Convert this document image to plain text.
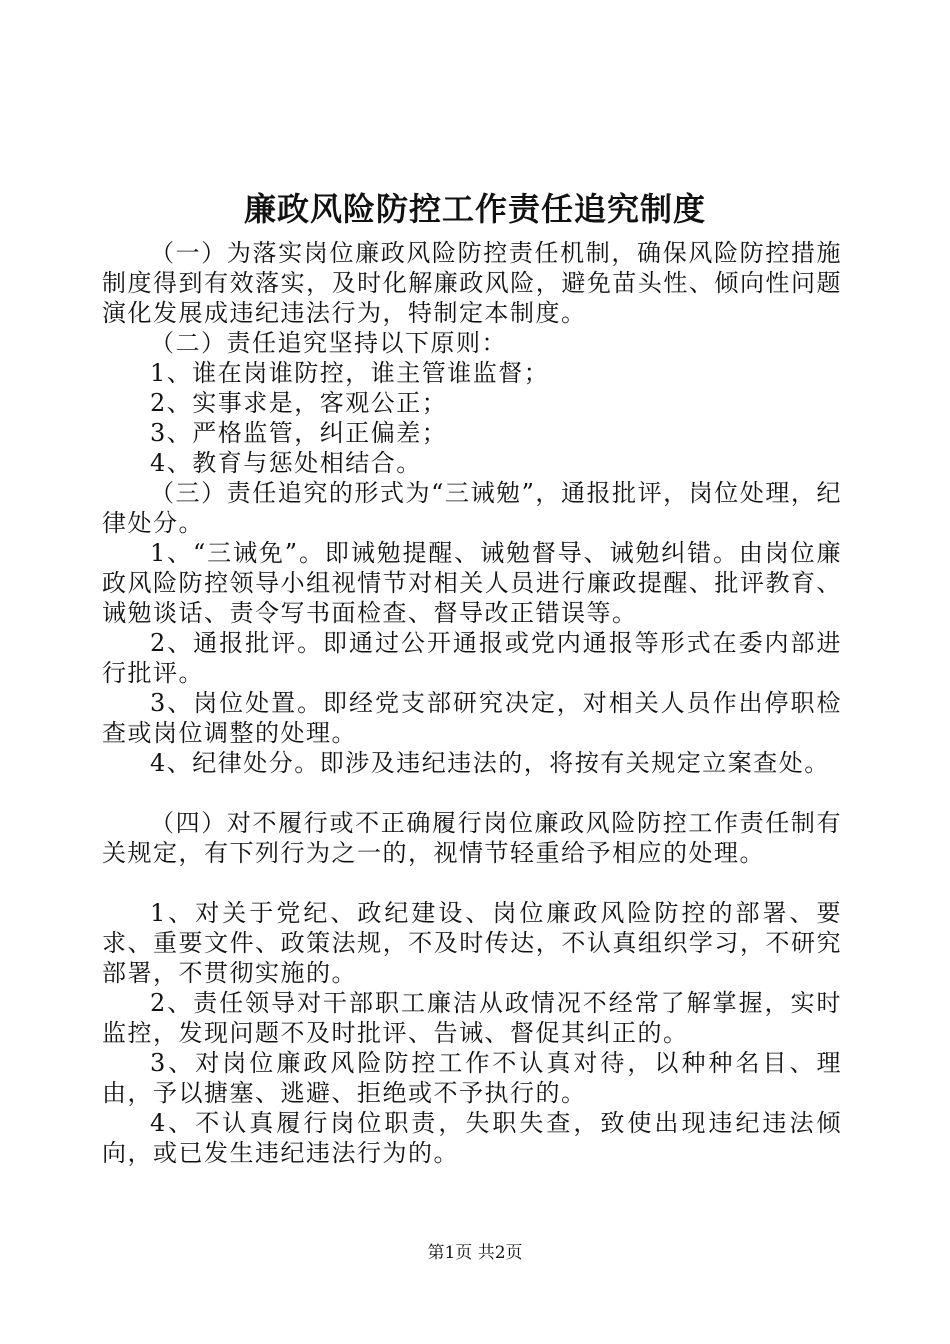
廉政风险防控工作责任追究制度

（一）为落实岗位廉政风险防控责任机制，确保风险防控措施制度得到有效落实，及时化解廉政风险，避免苗头性、倾向性问题演化发展成违纪违法行为，特制定本制度。

（二）责任追究坚持以下原则：

1、谁在岗谁防控，谁主管谁监督；

2、实事求是，客观公正；

3、严格监管，纠正偏差；

4、教育与惩处相结合。

（三）责任追究的形式为“三诫勉”，通报批评，岗位处理，纪律处分。

1、“三诫免”。即诫勉提醒、诫勉督导、诫勉纠错。由岗位廉政风险防控领导小组视情节对相关人员进行廉政提醒、批评教育、诫勉谈话、责令写书面检查、督导改正错误等。

2、通报批评。即通过公开通报或党内通报等形式在委内部进行批评。

3、岗位处置。即经党支部研究决定，对相关人员作出停职检查或岗位调整的处理。

4、纪律处分。即涉及违纪违法的，将按有关规定立案查处。

（四）对不履行或不正确履行岗位廉政风险防控工作责任制有关规定，有下列行为之一的，视情节轻重给予相应的处理。

1、对关于党纪、政纪建设、岗位廉政风险防控的部署、要求、重要文件、政策法规，不及时传达，不认真组织学习，不研究部署，不贯彻实施的。

2、责任领导对干部职工廉洁从政情况不经常了解掌握，实时监控，发现问题不及时批评、告诫、督促其纠正的。

3、对岗位廉政风险防控工作不认真对待，以种种名目、理由，予以搪塞、逃避、拒绝或不予执行的。

4、不认真履行岗位职责，失职失查，致使出现违纪违法倾向，或已发生违纪违法行为的。

第1页 共2页
